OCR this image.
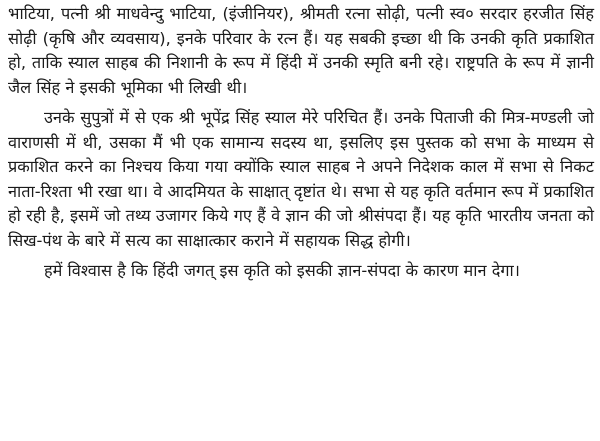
भाटिया, पत्नी श्री माधवेन्दु भाटिया, (इंजीनियर), श्रीमती रत्ना सोढ़ी, पत्नी स्व० सरदार हरजीत सिंह सोढ़ी (कृषि और व्यवसाय), इनके परिवार के रत्न हैं। यह सबकी इच्छा थी कि उनकी कृति प्रकाशित हो, ताकि स्याल साहब की निशानी के रूप में हिंदी में उनकी स्मृति बनी रहे। राष्ट्रपति के रूप में ज्ञानी जैल सिंह ने इसकी भूमिका भी लिखी थी।

उनके सुपुत्रों में से एक श्री भूपेंद्र सिंह स्याल मेरे परिचित हैं। उनके पिताजी की मित्र-मण्डली जो वाराणसी में थी, उसका मैं भी एक सामान्य सदस्य था, इसलिए इस पुस्तक को सभा के माध्यम से प्रकाशित करने का निश्चय किया गया क्योंकि स्याल साहब ने अपने निदेशक काल में सभा से निकट नाता-रिश्ता भी रखा था। वे आदमियत के साक्षात् दृष्टांत थे। सभा से यह कृति वर्तमान रूप में प्रकाशित हो रही है, इसमें जो तथ्य उजागर किये गए हैं वे ज्ञान की जो श्रीसंपदा हैं। यह कृति भारतीय जनता को सिख-पंथ के बारे में सत्य का साक्षात्कार कराने में सहायक सिद्ध होगी।

हमें विश्वास है कि हिंदी जगत् इस कृति को इसकी ज्ञान-संपदा के कारण मान देगा।
